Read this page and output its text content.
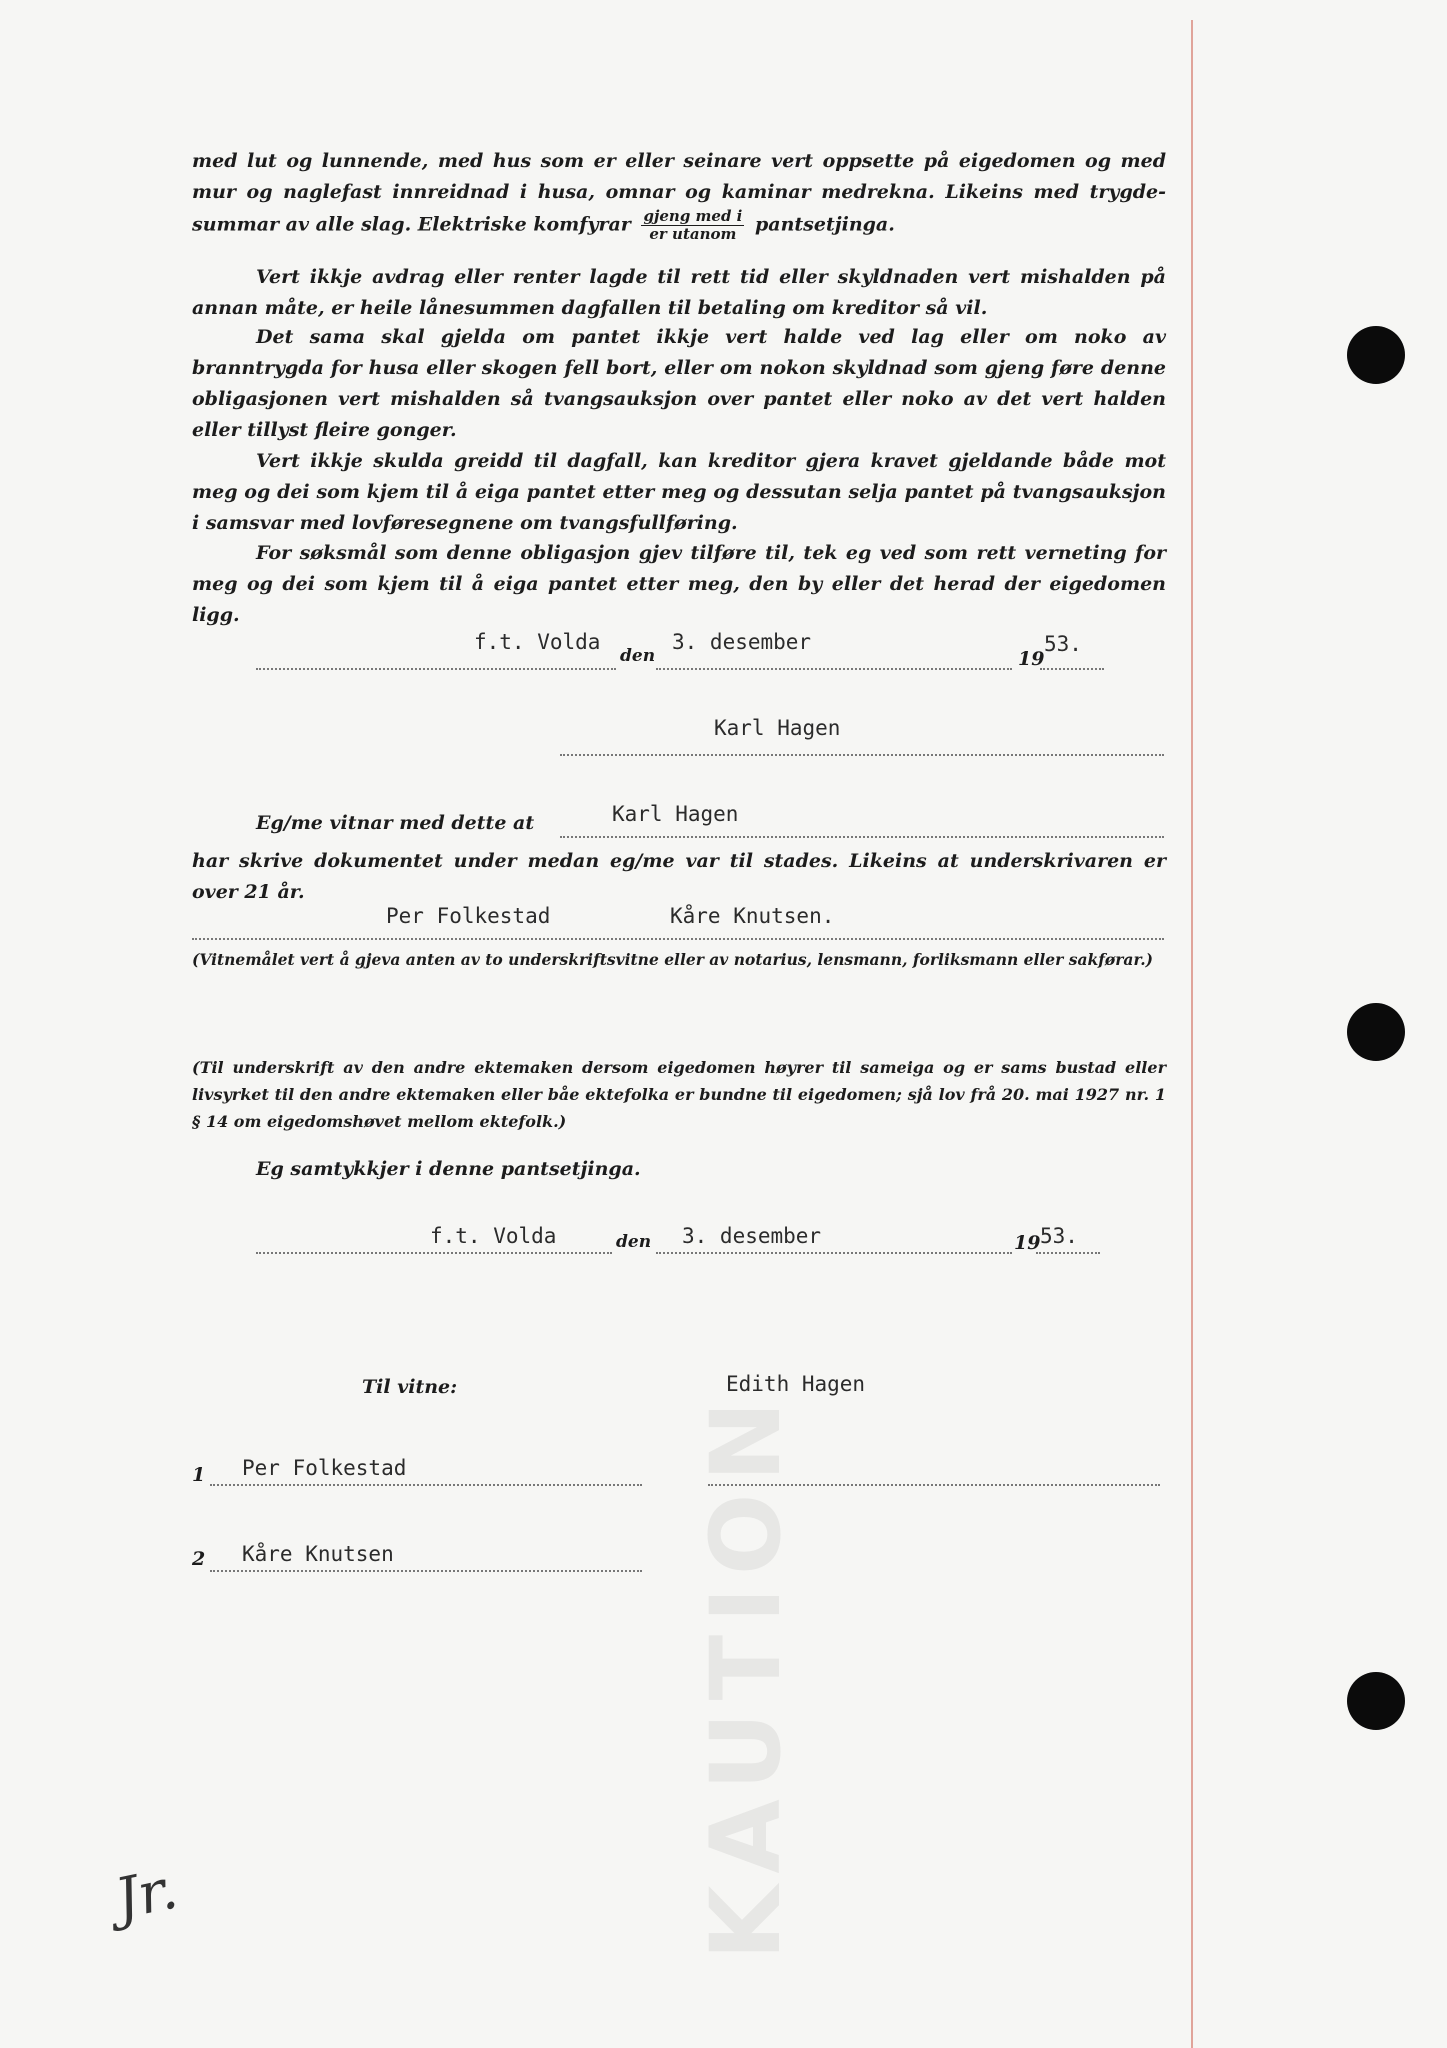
KAUTION

med lut og lunnende, med hus som er eller seinare vert oppsette på eigedomen og med mur og naglefast innreidnad i husa, omnar og kaminar medrekna. Likeins med trygde-summar av alle slag. Elektriske komfyrar $\frac{\text{gjeng med i}}{\text{er utanom}}$ pantsetjinga.

Vert ikkje avdrag eller renter lagde til rett tid eller skyldnaden vert mishalden på annan måte, er heile lånesummen dagfallen til betaling om kreditor så vil.

Det sama skal gjelda om pantet ikkje vert halde ved lag eller om noko av branntrygda for husa eller skogen fell bort, eller om nokon skyldnad som gjeng føre denne obligasjonen vert mishalden så tvangsauksjon over pantet eller noko av det vert halden eller tillyst fleire gonger.

Vert ikkje skulda greidd til dagfall, kan kreditor gjera kravet gjeldande både mot meg og dei som kjem til å eiga pantet etter meg og dessutan selja pantet på tvangsauksjon i samsvar med lovføresegnene om tvangsfullføring.

For søksmål som denne obligasjon gjev tilføre til, tek eg ved som rett verneting for meg og dei som kjem til å eiga pantet etter meg, den by eller det herad der eigedomen ligg.

f.t. Volda
den
3. desember
19
53.
Karl Hagen
Eg/me vitnar med dette at	Karl Hagen

har skrive dokumentet under medan eg/me var til stades. Likeins at underskrivaren er over 21 år.

Per Folkestad	Kåre Knutsen.

(Vitnemålet vert å gjeva anten av to underskriftsvitne eller av notarius, lensmann, forliksmann eller sakførar.)

(Til underskrift av den andre ektemaken dersom eigedomen høyrer til sameiga og er sams bustad eller livsyrket til den andre ektemaken eller båe ektefolka er bundne til eigedomen; sjå lov frå 20. mai 1927 nr. 1 § 14 om eigedomshøvet mellom ektefolk.)

Eg samtykkjer i denne pantsetjinga.
f.t. Volda	den 3. desember	19 53.
Til vitne:	Edith Hagen
1 Per Folkestad
2 Kåre Knutsen
Jr.
